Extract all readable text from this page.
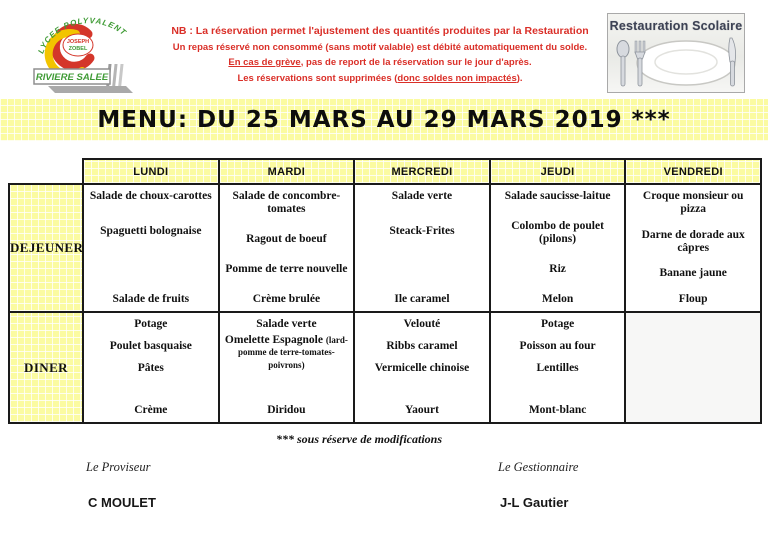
JOSEPH
ZOBEL
LYCEE POLYVALENT
RIVIERE SALEE
NB : La réservation permet l'ajustement des quantités produites par la Restauration
Un repas réservé non consommé (sans motif valable) est débité automatiquement du solde.
En cas de grève, pas de report de la réservation sur le jour d'après.
Les réservations sont supprimées (donc soldes non impactés).
Restauration Scolaire
MENU: DU 25 MARS AU 29 MARS 2019 ***
	LUNDI	MARDI	MERCREDI	JEUDI	VENDREDI
DEJEUNER	
Salade de choux-carottes
Spaguetti bolognaise
Salade de fruits

Salade de concombre-tomates
Ragout de boeuf
Pomme de terre nouvelle
Crème brulée

Salade verte
Steack-Frites
Ile caramel

Salade saucisse-laitue
Colombo de poulet (pilons)
Riz
Melon

Croque monsieur ou pizza
Darne de dorade aux câpres
Banane jaune
Floup

DINER	
Potage
Poulet basquaise
Pâtes
Crème

Salade verte
Omelette Espagnole (lard-pomme de terre-tomates-poivrons)
Diridou

Velouté
Ribbs caramel
Vermicelle chinoise
Yaourt

Potage
Poisson au four
Lentilles
Mont-blanc

*** sous réserve de modifications
Le Proviseur	Le Gestionnaire
C MOULET	J-L Gautier
